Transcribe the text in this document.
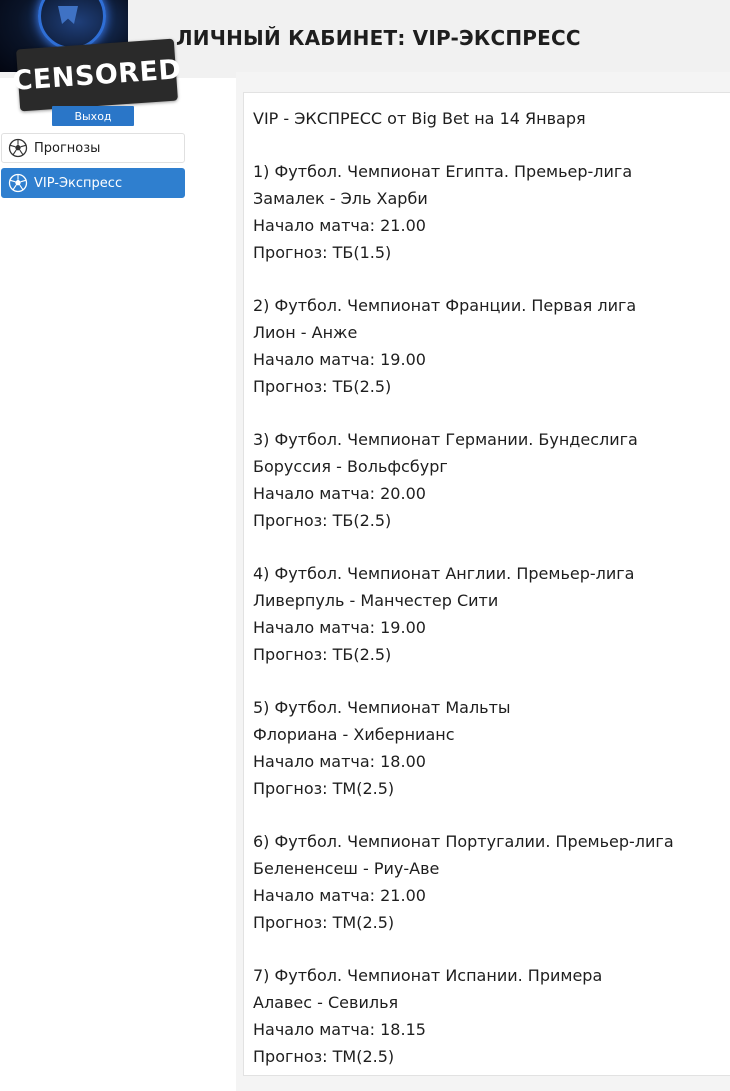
CENSORED
ЛИЧНЫЙ КАБИНЕТ: VIP-ЭКСПРЕСС
Выход
Прогнозы
VIP-Экспресс
VIP - ЭКСПРЕСС от Big Bet на 14 Января
1) Футбол. Чемпионат Египта. Премьер-лига
Замалек - Эль Харби
Начало матча: 21.00
Прогноз: ТБ(1.5)
2) Футбол. Чемпионат Франции. Первая лига
Лион - Анже
Начало матча: 19.00
Прогноз: ТБ(2.5)
3) Футбол. Чемпионат Германии. Бундеслига
Боруссия - Вольфсбург
Начало матча: 20.00
Прогноз: ТБ(2.5)
4) Футбол. Чемпионат Англии. Премьер-лига
Ливерпуль - Манчестер Сити
Начало матча: 19.00
Прогноз: ТБ(2.5)
5) Футбол. Чемпионат Мальты
Флориана - Хибернианс
Начало матча: 18.00
Прогноз: ТМ(2.5)
6) Футбол. Чемпионат Португалии. Премьер-лига
Белененсеш - Риу-Аве
Начало матча: 21.00
Прогноз: ТМ(2.5)
7) Футбол. Чемпионат Испании. Примера
Алавес - Севилья
Начало матча: 18.15
Прогноз: ТМ(2.5)
